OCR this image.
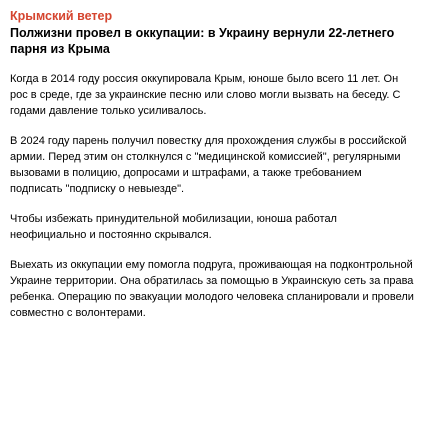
Крымский ветер
Полжизни провел в оккупации: в Украину вернули 22-летнего парня из Крыма
Когда в 2014 году россия оккупировала Крым, юноше было всего 11 лет. Он рос в среде, где за украинские песню или слово могли вызвать на беседу. С годами давление только усиливалось.
В 2024 году парень получил повестку для прохождения службы в российской армии. Перед этим он столкнулся с "медицинской комиссией", регулярными вызовами в полицию, допросами и штрафами, а также требованием подписать "подписку о невыезде".
Чтобы избежать принудительной мобилизации, юноша работал неофициально и постоянно скрывался.
Выехать из оккупации ему помогла подруга, проживающая на подконтрольной Украине территории. Она обратилась за помощью в Украинскую сеть за права ребенка. Операцию по эвакуации молодого человека спланировали и провели совместно с волонтерами.
